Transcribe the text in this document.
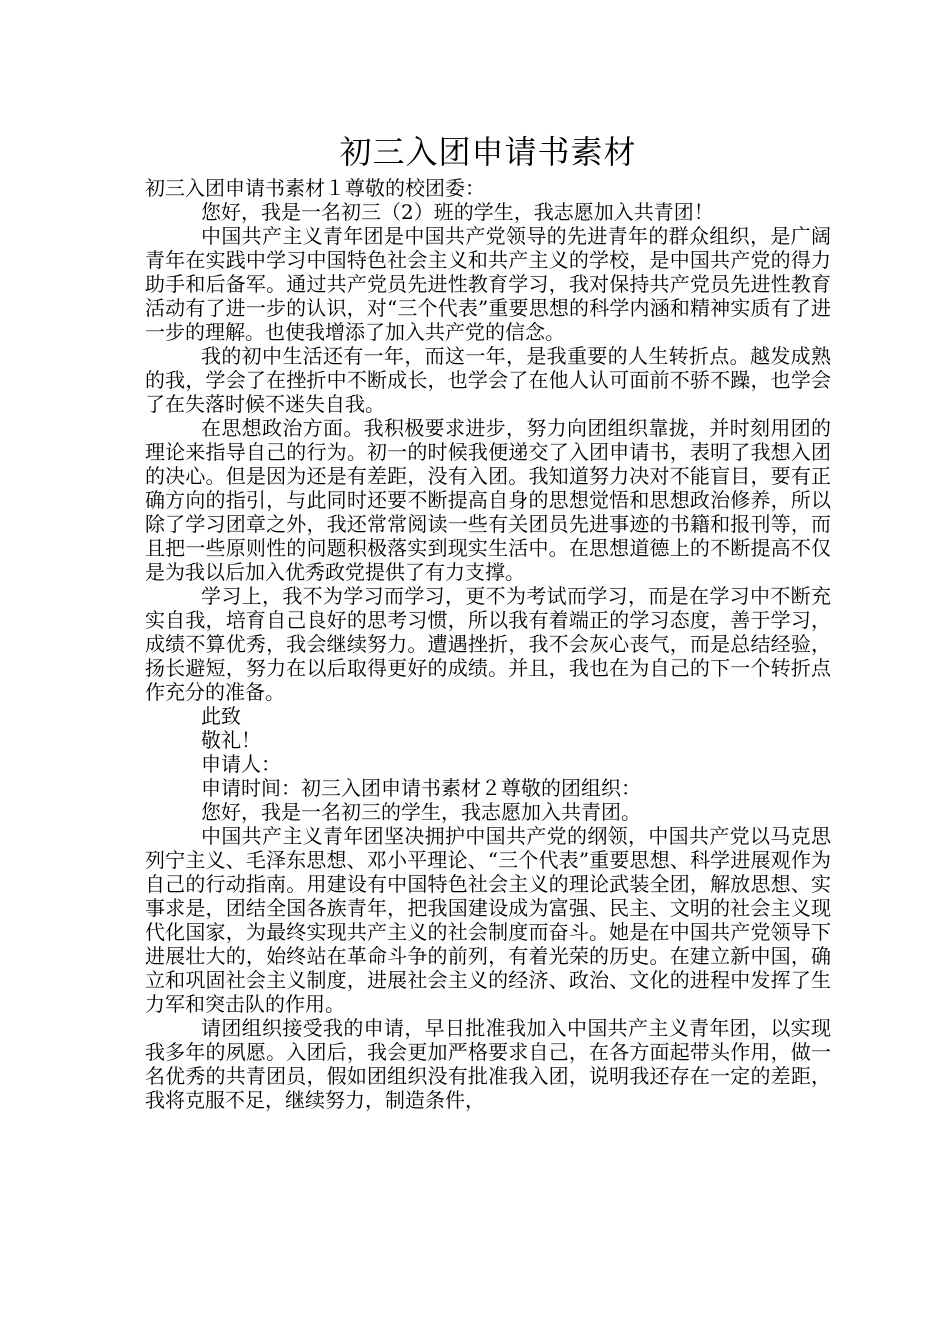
初三入团申请书素材

初三入团申请书素材１尊敬的校团委：

您好，我是一名初三（2）班的学生，我志愿加入共青团！

中国共产主义青年团是中国共产党领导的先进青年的群众组织，是广阔青年在实践中学习中国特色社会主义和共产主义的学校，是中国共产党的得力助手和后备军。通过共产党员先进性教育学习，我对保持共产党员先进性教育活动有了进一步的认识，对“三个代表”重要思想的科学内涵和精神实质有了进一步的理解。也使我增添了加入共产党的信念。

我的初中生活还有一年，而这一年，是我重要的人生转折点。越发成熟的我，学会了在挫折中不断成长，也学会了在他人认可面前不骄不躁，也学会了在失落时候不迷失自我。

在思想政治方面。我积极要求进步，努力向团组织靠拢，并时刻用团的理论来指导自己的行为。初一的时候我便递交了入团申请书，表明了我想入团的决心。但是因为还是有差距，没有入团。我知道努力决对不能盲目，要有正确方向的指引，与此同时还要不断提高自身的思想觉悟和思想政治修养，所以除了学习团章之外，我还常常阅读一些有关团员先进事迹的书籍和报刊等，而且把一些原则性的问题积极落实到现实生活中。在思想道德上的不断提高不仅是为我以后加入优秀政党提供了有力支撑。

学习上，我不为学习而学习，更不为考试而学习，而是在学习中不断充实自我，培育自己良好的思考习惯，所以我有着端正的学习态度，善于学习，成绩不算优秀，我会继续努力。遭遇挫折，我不会灰心丧气，而是总结经验，扬长避短，努力在以后取得更好的成绩。并且，我也在为自己的下一个转折点作充分的准备。

此致

敬礼！

申请人：

申请时间：初三入团申请书素材２尊敬的团组织：

您好，我是一名初三的学生，我志愿加入共青团。

中国共产主义青年团坚决拥护中国共产党的纲领，中国共产党以马克思列宁主义、毛泽东思想、邓小平理论、“三个代表”重要思想、科学进展观作为自己的行动指南。用建设有中国特色社会主义的理论武装全团，解放思想、实事求是，团结全国各族青年，把我国建设成为富强、民主、文明的社会主义现代化国家，为最终实现共产主义的社会制度而奋斗。她是在中国共产党领导下进展壮大的，始终站在革命斗争的前列，有着光荣的历史。在建立新中国，确立和巩固社会主义制度，进展社会主义的经济、政治、文化的进程中发挥了生力军和突击队的作用。

请团组织接受我的申请，早日批准我加入中国共产主义青年团，以实现我多年的夙愿。入团后，我会更加严格要求自己，在各方面起带头作用，做一名优秀的共青团员，假如团组织没有批准我入团，说明我还存在一定的差距，我将克服不足，继续努力，制造条件，
